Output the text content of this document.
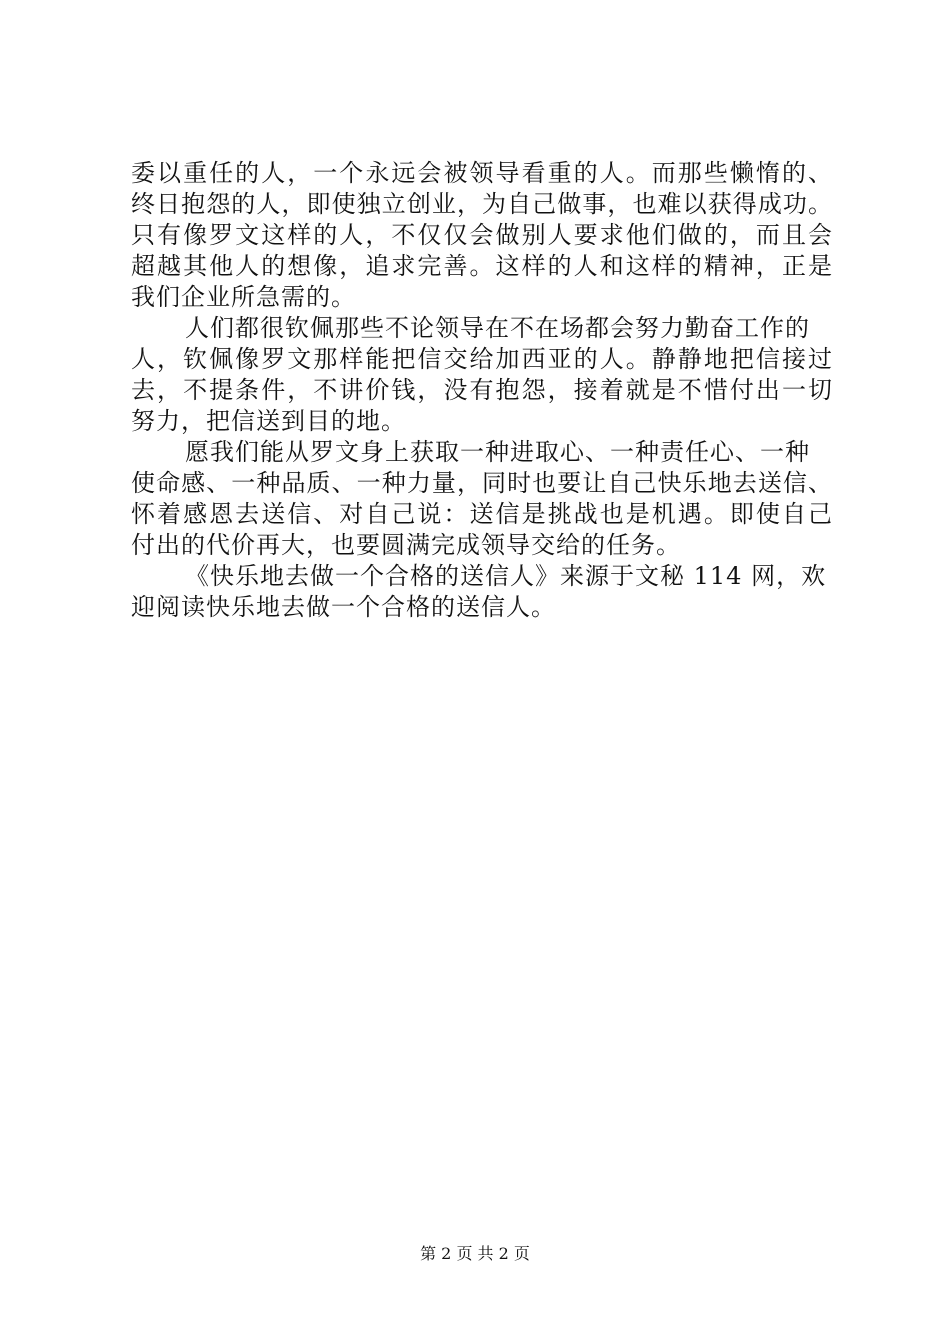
委以重任的人，一个永远会被领导看重的人。而那些懒惰的、
终日抱怨的人，即使独立创业，为自己做事，也难以获得成功。
只有像罗文这样的人，不仅仅会做别人要求他们做的，而且会
超越其他人的想像，追求完善。这样的人和这样的精神，正是
我们企业所急需的。
人们都很钦佩那些不论领导在不在场都会努力勤奋工作的
人，钦佩像罗文那样能把信交给加西亚的人。静静地把信接过
去，不提条件，不讲价钱，没有抱怨，接着就是不惜付出一切
努力，把信送到目的地。
愿我们能从罗文身上获取一种进取心、一种责任心、一种
使命感、一种品质、一种力量，同时也要让自己快乐地去送信、
怀着感恩去送信、对自己说：送信是挑战也是机遇。即使自己
付出的代价再大，也要圆满完成领导交给的任务。
《快乐地去做一个合格的送信人》来源于文秘 114 网，欢
迎阅读快乐地去做一个合格的送信人。
第 2 页 共 2 页
